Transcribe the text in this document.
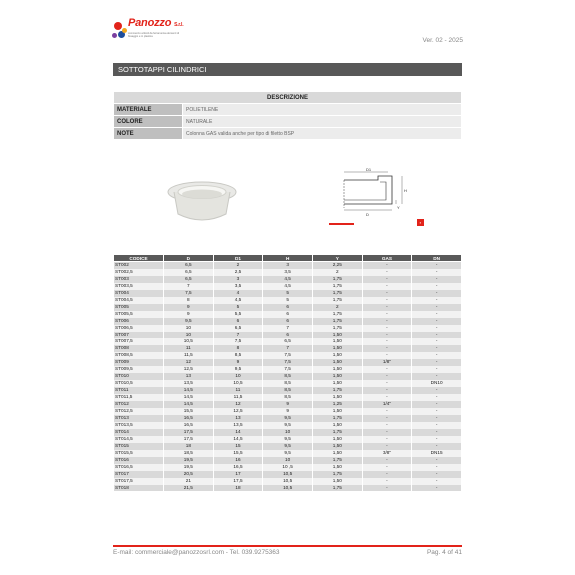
Panozzo S.r.l.
commercio articoli da ferramenta elementi di fissaggio e in plastica
Ver. 02 - 2025
SOTTOTAPPI CILINDRICI
DESCRIZIONE	
MATERIALE	POLIETILENE
COLORE	NATURALE
NOTE	Colonna GAS valida anche per tipo di filetto BSP
D1
D
H
Y
▪
CODICE	D	D1	H	Y	GAS	DN
ST002	6,5	2	3	2,25	-	-
ST002,5	6,5	2,5	3,5	2	-	-
ST003	6,5	3	4,5	1,75	-	-
ST003,5	7	3,5	4,5	1,75	-	-
ST004	7,5	4	5	1,75	-	-
ST004,5	8	4,5	5	1,75	-	-
ST005	9	5	6	2	-	-
ST005,5	9	5,5	6	1,75	-	-
ST006	9,5	6	6	1,75	-	-
ST006,5	10	6,5	7	1,75	-	-
ST007	10	7	6	1,50	-	-
ST007,5	10,5	7,5	6,5	1,50	-	-
ST008	11	8	7	1,50	-	-
ST008,5	11,5	8,5	7,5	1,50	-	-
ST009	12	9	7,5	1,50	1/8"	-
ST009,5	12,5	9,5	7,5	1,50	-	-
ST010	13	10	8,5	1,50	-	-
ST010,5	13,5	10,5	8,5	1,50	-	DN10
ST011	14,5	11	8,5	1,75	-	-
ST011,5	14,5	11,5	8,5	1,50	-	-
ST012	14,5	12	9	1,25	1/4"	-
ST012,5	15,5	12,5	9	1,50	-	-
ST013	16,5	13	9,5	1,75	-	-
ST013,5	16,5	13,5	9,5	1,50	-	-
ST014	17,5	14	10	1,75	-	-
ST014,5	17,5	14,5	9,5	1,50	-	-
ST015	18	15	9,5	1,50	-	-
ST015,5	18,5	15,5	9,5	1,50	3/8"	DN15
ST016	19,5	16	10	1,75	-	-
ST016,5	19,5	16,5	10 ,5	1,50	-	-
ST017	20,5	17	10,5	1,75	-	-
ST017,5	21	17,5	10,5	1,50	-	-
ST018	21,5	18	10,5	1,75	-	-
E-mail: commerciale@panozzosrl.com - Tel. 039.9275363	Pag. 4 of 41
